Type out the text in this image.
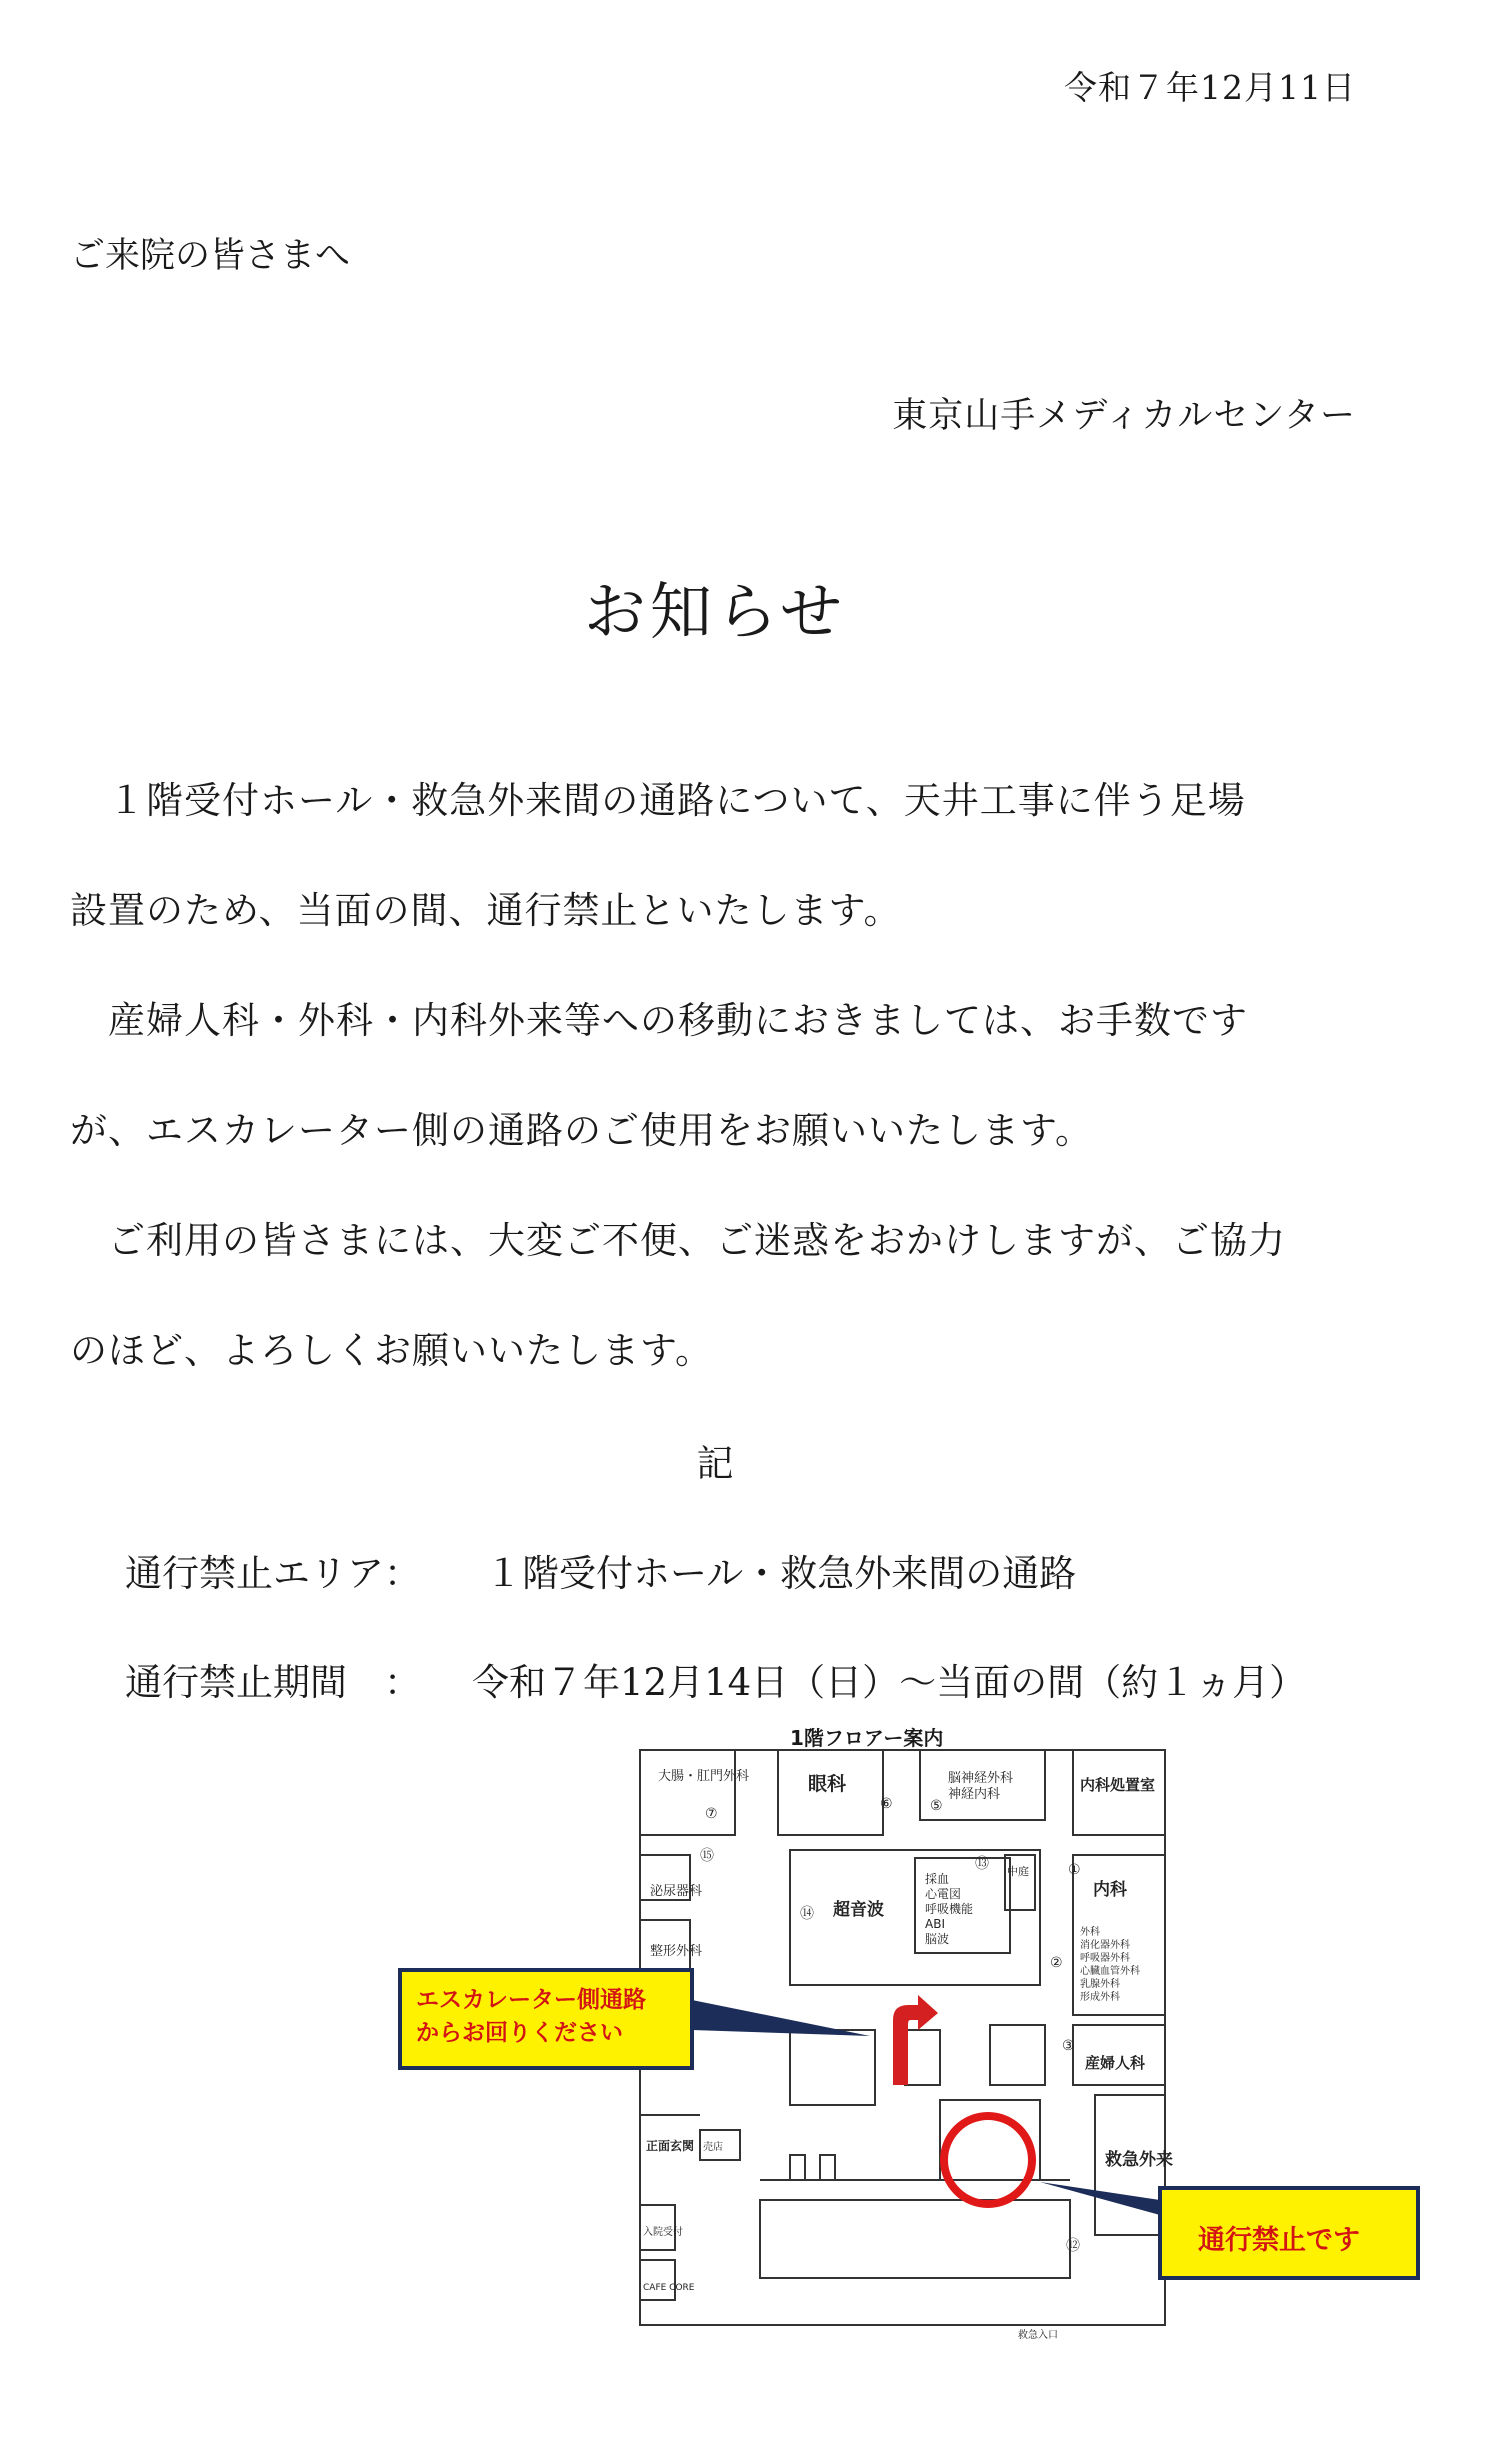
令和７年12月11日
ご来院の皆さまへ
東京山手メディカルセンター
お知らせ
　１階受付ホール・救急外来間の通路について、天井工事に伴う足場
設置のため、当面の間、通行禁止といたします。
　産婦人科・外科・内科外来等への移動におきましては、お手数です
が、エスカレーター側の通路のご使用をお願いいたします。
　ご利用の皆さまには、大変ご不便、ご迷惑をおかけしますが、ご協力
のほど、よろしくお願いいたします。
記
通行禁止エリア： １階受付ホール・救急外来間の通路
通行禁止期間　： 令和７年12月14日（日）～当面の間（約１ヵ月）
1階フロアー案内
大腸・肛門外科	眼科	脳神経外科
神経内科
内科処置室
泌尿器科
整形外科
超音波
採血
心電図
呼吸機能
ABI
脳波
中庭
内科
外科
消化器外科
呼吸器外科
心臓血管外科
乳腺外科
形成外科
産婦人科
救急外来
正面玄関
CAFE CORE
入院受付
救急入口
売店
①
②
③
⑤
⑥
⑦
⑫
⑬
⑭
⑮
エスカレーター側通路
からお回りください
通行禁止です
